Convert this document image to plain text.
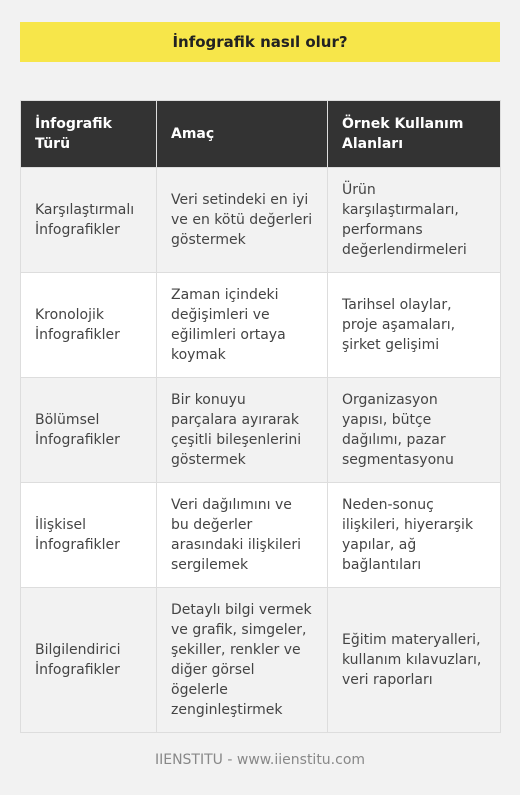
İnfografik nasıl olur?
İnfografik Türü	Amaç	Örnek Kullanım Alanları
Karşılaştırmalı İnfografikler	Veri setindeki en iyi ve en kötü değerleri göstermek	Ürün karşılaştırmaları, performans değerlendirmeleri
Kronolojik İnfografikler	Zaman içindeki değişimleri ve eğilimleri ortaya koymak	Tarihsel olaylar, proje aşamaları, şirket gelişimi
Bölümsel İnfografikler	Bir konuyu parçalara ayırarak çeşitli bileşenlerini göstermek	Organizasyon yapısı, bütçe dağılımı, pazar segmentasyonu
İlişkisel İnfografikler	Veri dağılımını ve bu değerler arasındaki ilişkileri sergilemek	Neden-sonuç ilişkileri, hiyerarşik yapılar, ağ bağlantıları
Bilgilendirici İnfografikler	Detaylı bilgi vermek ve grafik, simgeler, şekiller, renkler ve diğer görsel ögelerle zenginleştirmek	Eğitim materyalleri, kullanım kılavuzları, veri raporları
IIENSTITU - www.iienstitu.com
